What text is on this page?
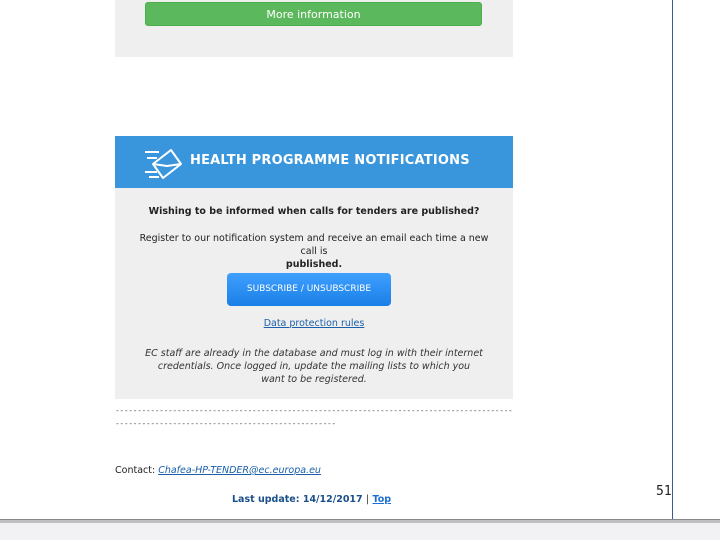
More information
HEALTH PROGRAMME NOTIFICATIONS
Wishing to be informed when calls for tenders are published?
Register to our notification system and receive an email each time a new call is
published.
SUBSCRIBE / UNSUBSCRIBE
Data protection rules
EC staff are already in the database and must log in with their internet credentials. Once logged in, update the mailing lists to which you want to be registered.
--------------------------------------------------------------------------------------------------------------------------------------------
Contact: Chafea-HP-TENDER@ec.europa.eu
Last update: 14/12/2017 | Top
51
